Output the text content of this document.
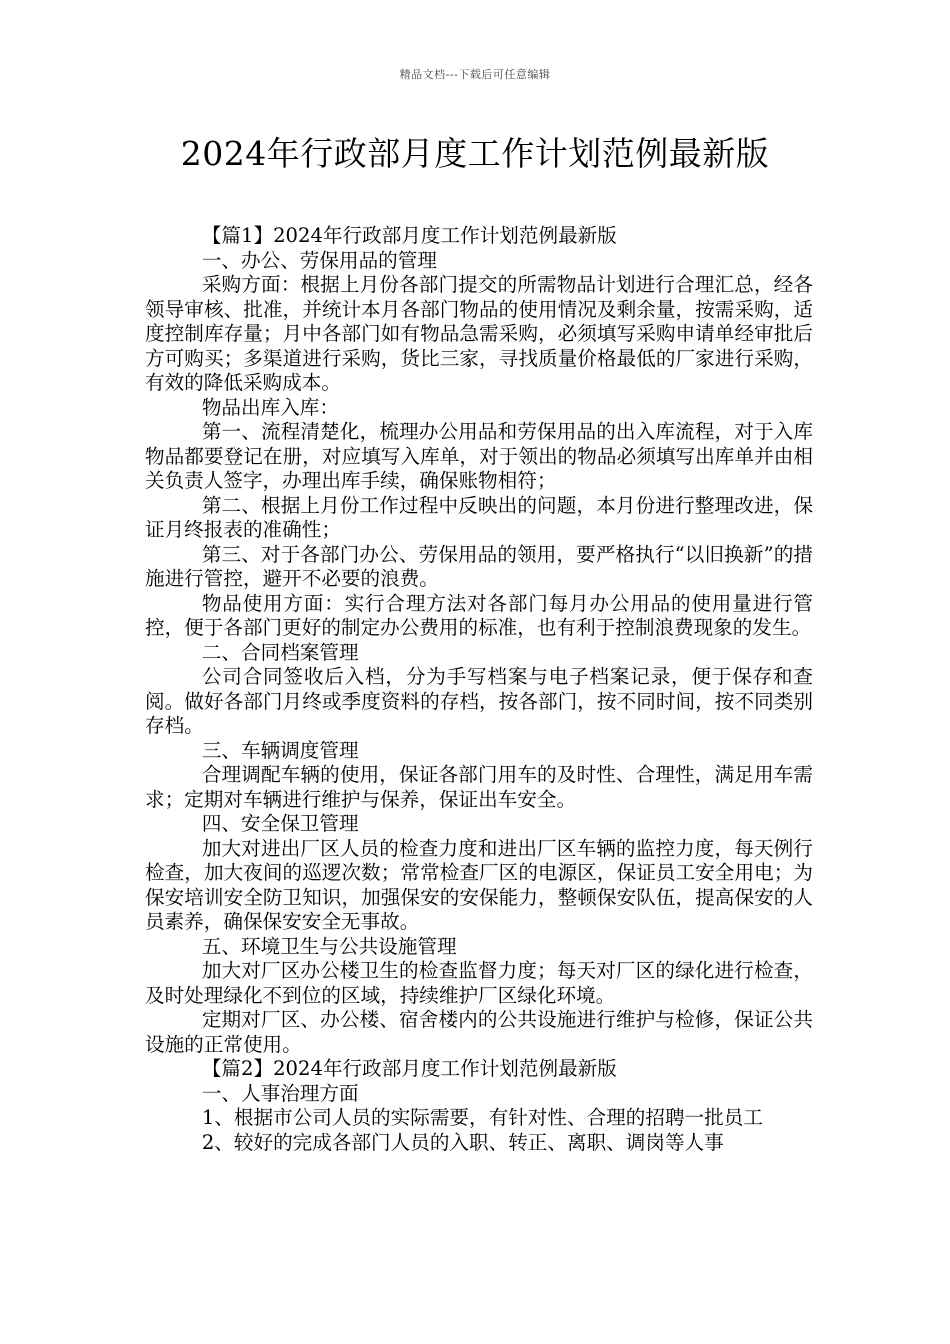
精品文档---下载后可任意编辑
2024年行政部月度工作计划范例最新版

【篇1】2024年行政部月度工作计划范例最新版

一、办公、劳保用品的管理

采购方面：根据上月份各部门提交的所需物品计划进行合理汇总，经各领导审核、批准，并统计本月各部门物品的使用情况及剩余量，按需采购，适度控制库存量；月中各部门如有物品急需采购，必须填写采购申请单经审批后方可购买；多渠道进行采购，货比三家，寻找质量价格最低的厂家进行采购，有效的降低采购成本。

物品出库入库：

第一、流程清楚化，梳理办公用品和劳保用品的出入库流程，对于入库物品都要登记在册，对应填写入库单，对于领出的物品必须填写出库单并由相关负责人签字，办理出库手续，确保账物相符；

第二、根据上月份工作过程中反映出的问题，本月份进行整理改进，保证月终报表的准确性；

第三、对于各部门办公、劳保用品的领用，要严格执行“以旧换新”的措施进行管控，避开不必要的浪费。

物品使用方面：实行合理方法对各部门每月办公用品的使用量进行管控，便于各部门更好的制定办公费用的标准，也有利于控制浪费现象的发生。

二、合同档案管理

公司合同签收后入档，分为手写档案与电子档案记录，便于保存和查阅。做好各部门月终或季度资料的存档，按各部门，按不同时间，按不同类别存档。

三、车辆调度管理

合理调配车辆的使用，保证各部门用车的及时性、合理性，满足用车需求；定期对车辆进行维护与保养，保证出车安全。

四、安全保卫管理

加大对进出厂区人员的检查力度和进出厂区车辆的监控力度，每天例行检查，加大夜间的巡逻次数；常常检查厂区的电源区，保证员工安全用电；为保安培训安全防卫知识，加强保安的安保能力，整顿保安队伍，提高保安的人员素养，确保保安安全无事故。

五、环境卫生与公共设施管理

加大对厂区办公楼卫生的检查监督力度；每天对厂区的绿化进行检查，及时处理绿化不到位的区域，持续维护厂区绿化环境。

定期对厂区、办公楼、宿舍楼内的公共设施进行维护与检修，保证公共设施的正常使用。

【篇2】2024年行政部月度工作计划范例最新版

一、人事治理方面

1、根据市公司人员的实际需要，有针对性、合理的招聘一批员工

2、较好的完成各部门人员的入职、转正、离职、调岗等人事
